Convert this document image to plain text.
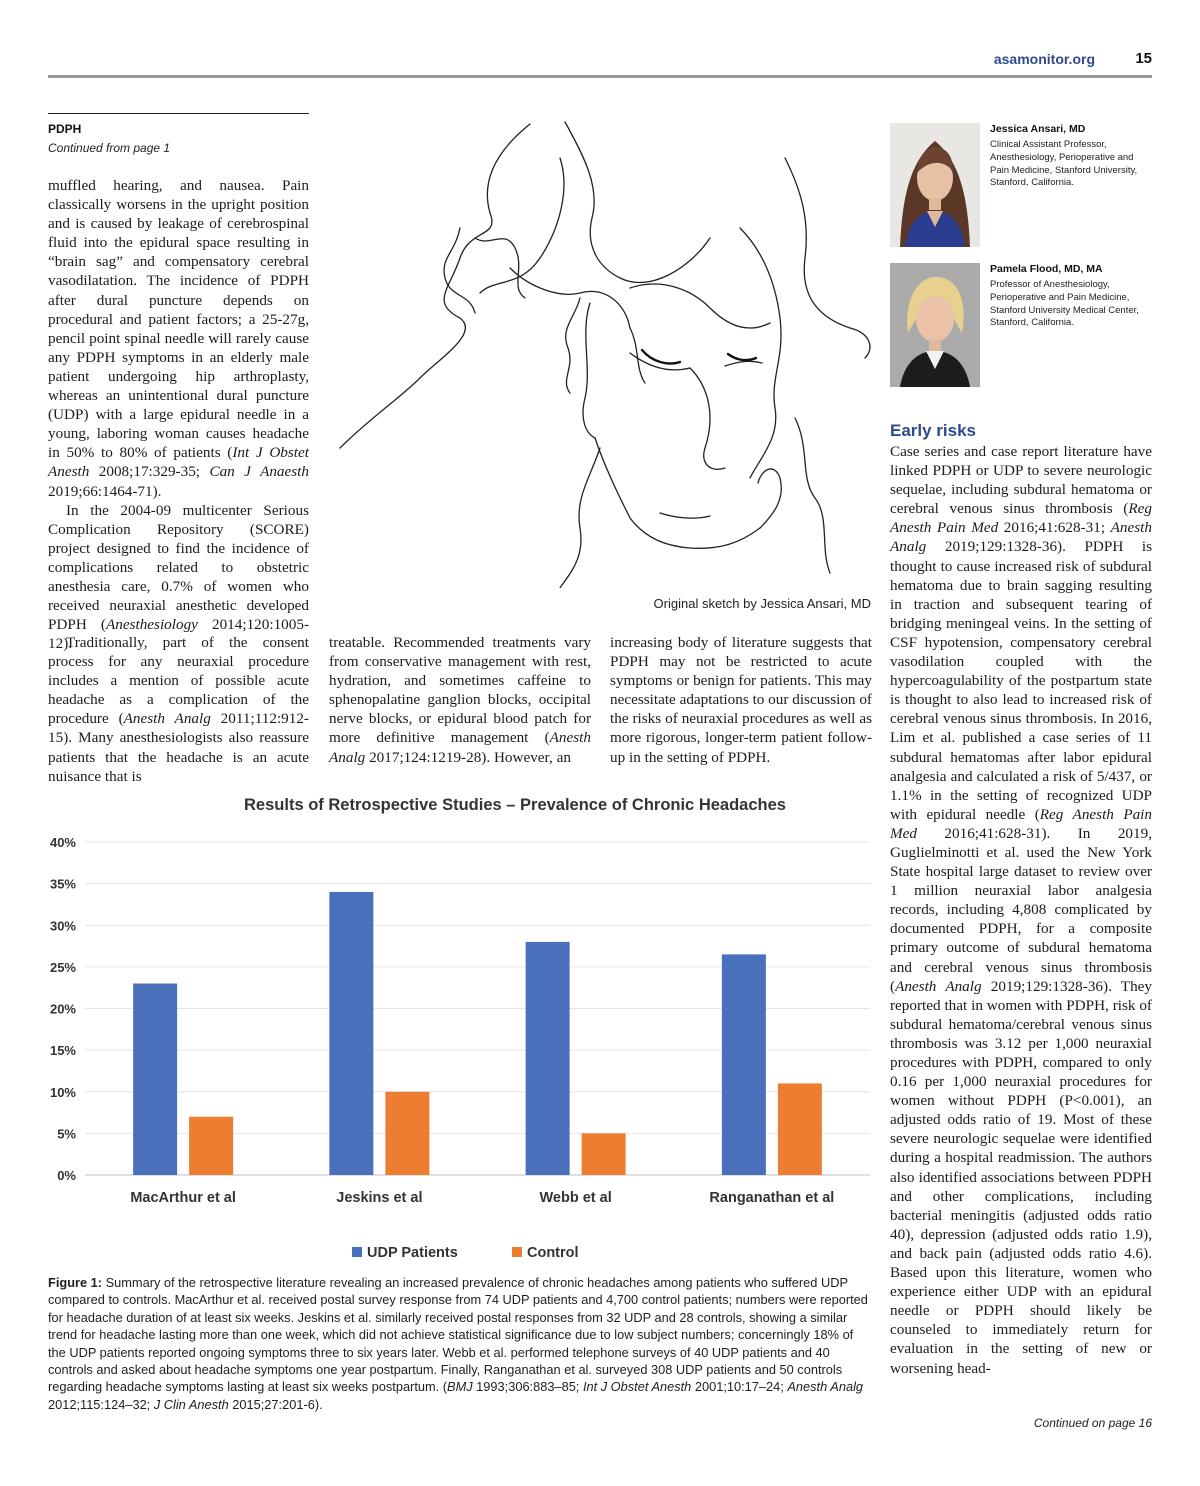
asamonitor.org	15
PDPH
Continued from page 1

muffled hearing, and nausea. Pain classically worsens in the upright position and is caused by leakage of cerebrospinal fluid into the epidural space resulting in “brain sag” and compensatory cerebral vasodilatation. The incidence of PDPH after dural puncture depends on procedural and patient factors; a 25-27g, pencil point spinal needle will rarely cause any PDPH symptoms in an elderly male patient undergoing hip arthroplasty, whereas an unintentional dural puncture (UDP) with a large epidural needle in a young, laboring woman causes headache in 50% to 80% of patients (Int J Obstet Anesth 2008;17:329-35; Can J Anaesth 2019;66:1464-71).

In the 2004-09 multicenter Serious Complication Repository (SCORE) project designed to find the incidence of complications related to obstetric anesthesia care, 0.7% of women who received neuraxial anesthetic developed PDPH (Anesthesiology 2014;120:1005-12).

Original sketch by Jessica Ansari, MD

Traditionally, part of the consent process for any neuraxial procedure includes a mention of possible acute headache as a complication of the procedure (Anesth Analg 2011;112:912-15). Many anesthesiologists also reassure patients that the headache is an acute nuisance that is

treatable. Recommended treatments vary from conservative management with rest, hydration, and sometimes caffeine to sphenopalatine ganglion blocks, occipital nerve blocks, or epidural blood patch for more definitive management (Anesth Analg 2017;124:1219-28). However, an

increasing body of literature suggests that PDPH may not be restricted to acute symptoms or benign for patients. This may necessitate adaptations to our discussion of the risks of neuraxial procedures as well as more rigorous, longer-term patient follow-up in the setting of PDPH.

Jessica Ansari, MD
Clinical Assistant Professor, Anesthesiology, Perioperative and Pain Medicine, Stanford University, Stanford, California.
Pamela Flood, MD, MA
Professor of Anesthesiology, Perioperative and Pain Medicine, Stanford University Medical Center, Stanford, California.
Early risks

Case series and case report literature have linked PDPH or UDP to severe neurologic sequelae, including subdural hematoma or cerebral venous sinus thrombosis (Reg Anesth Pain Med 2016;41:628-31; Anesth Analg 2019;129:1328-36). PDPH is thought to cause increased risk of subdural hematoma due to brain sagging resulting in traction and subsequent tearing of bridging meningeal veins. In the setting of CSF hypotension, compensatory cerebral vasodilation coupled with the hypercoagulability of the postpartum state is thought to also lead to increased risk of cerebral venous sinus thrombosis. In 2016, Lim et al. published a case series of 11 subdural hematomas after labor epidural analgesia and calculated a risk of 5/437, or 1.1% in the setting of recognized UDP with epidural needle (Reg Anesth Pain Med 2016;41:628-31). In 2019, Guglielminotti et al. used the New York State hospital large dataset to review over 1 million neuraxial labor analgesia records, including 4,808 complicated by documented PDPH, for a composite primary outcome of subdural hematoma and cerebral venous sinus thrombosis (Anesth Analg 2019;129:1328-36). They reported that in women with PDPH, risk of subdural hematoma/cerebral venous sinus thrombosis was 3.12 per 1,000 neuraxial procedures with PDPH, compared to only 0.16 per 1,000 neuraxial procedures for women without PDPH (P<0.001), an adjusted odds ratio of 19. Most of these severe neurologic sequelae were identified during a hospital readmission. The authors also identified associations between PDPH and other complications, including bacterial meningitis (adjusted odds ratio 40), depression (adjusted odds ratio 1.9), and back pain (adjusted odds ratio 4.6). Based upon this literature, women who experience either UDP with an epidural needle or PDPH should likely be counseled to immediately return for evaluation in the setting of new or worsening head-

Continued on page 16
Results of Retrospective Studies – Prevalence of Chronic Headaches
0%
5%
10%
15%
20%
25%
30%
35%
40%
MacArthur et al	Jeskins et al	Webb et al	Ranganathan et al
UDP Patients	Control
Figure 1: Summary of the retrospective literature revealing an increased prevalence of chronic headaches among patients who suffered UDP compared to controls. MacArthur et al. received postal survey response from 74 UDP patients and 4,700 control patients; numbers were reported for headache duration of at least six weeks. Jeskins et al. similarly received postal responses from 32 UDP and 28 controls, showing a similar trend for headache lasting more than one week, which did not achieve statistical significance due to low subject numbers; concerningly 18% of the UDP patients reported ongoing symptoms three to six years later. Webb et al. performed telephone surveys of 40 UDP patients and 40 controls and asked about headache symptoms one year postpartum. Finally, Ranganathan et al. surveyed 308 UDP patients and 50 controls regarding headache symptoms lasting at least six weeks postpartum. (BMJ 1993;306:883–85; Int J Obstet Anesth 2001;10:17–24; Anesth Analg 2012;115:124–32; J Clin Anesth 2015;27:201-6).
